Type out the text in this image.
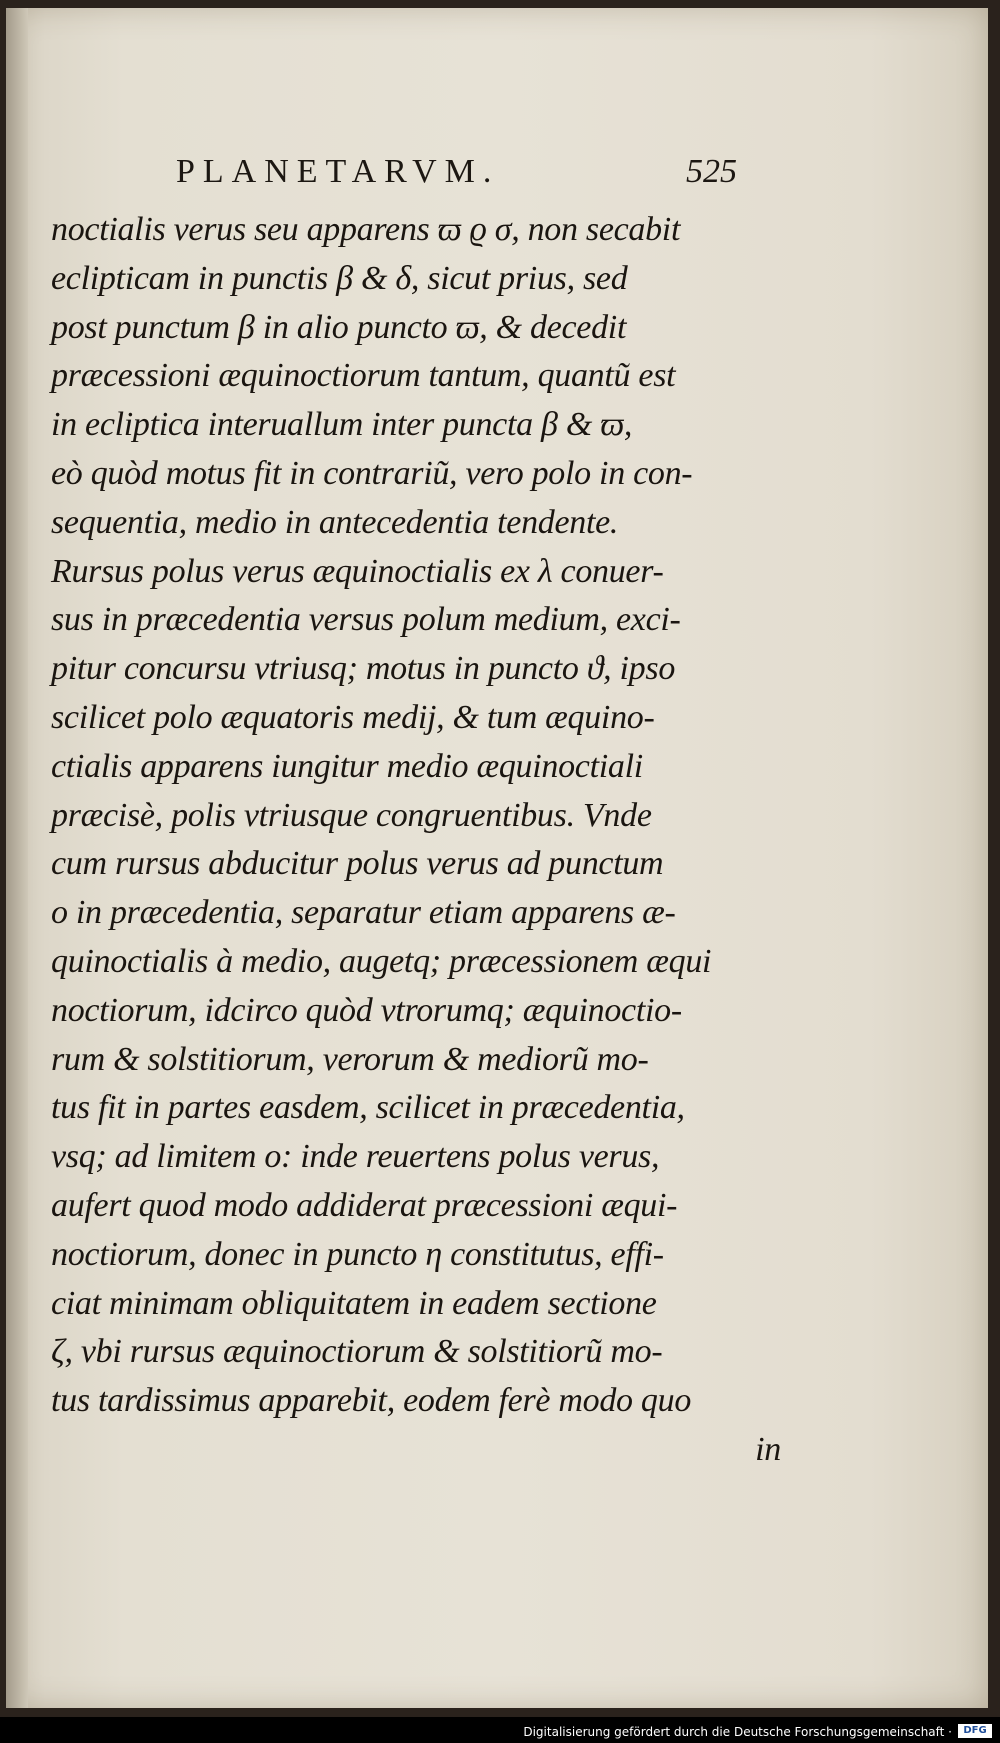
PLANETARVM.	525
noctialis verus seu apparens ϖ ϱ σ, non secabit
eclipticam in punctis β & δ, sicut prius, sed
post punctum β in alio puncto ϖ, & decedit
præcessioni æquinoctiorum tantum, quantũ est
in ecliptica interuallum inter puncta β & ϖ,
eò quòd motus fit in contrariũ, vero polo in con-
sequentia, medio in antecedentia tendente.
Rursus polus verus æquinoctialis ex λ conuer-
sus in præcedentia versus polum medium, exci-
pitur concursu vtriusq; motus in puncto ϑ, ipso
scilicet polo æquatoris medij, & tum æquino-
ctialis apparens iungitur medio æquinoctiali
præcisè, polis vtriusque congruentibus. Vnde
cum rursus abducitur polus verus ad punctum
o in præcedentia, separatur etiam apparens æ-
quinoctialis à medio, augetq; præcessionem æqui
noctiorum, idcirco quòd vtrorumq; æquinoctio-
rum & solstitiorum, verorum & mediorũ mo-
tus fit in partes easdem, scilicet in præcedentia,
vsq; ad limitem o: inde reuertens polus verus,
aufert quod modo addiderat præcessioni æqui-
noctiorum, donec in puncto η constitutus, effi-
ciat minimam obliquitatem in eadem sectione
ζ, vbi rursus æquinoctiorum & solstitiorũ mo-
tus tardissimus apparebit, eodem ferè modo quo
in
Digitalisierung gefördert durch die Deutsche Forschungsgemeinschaft ·	DFG
